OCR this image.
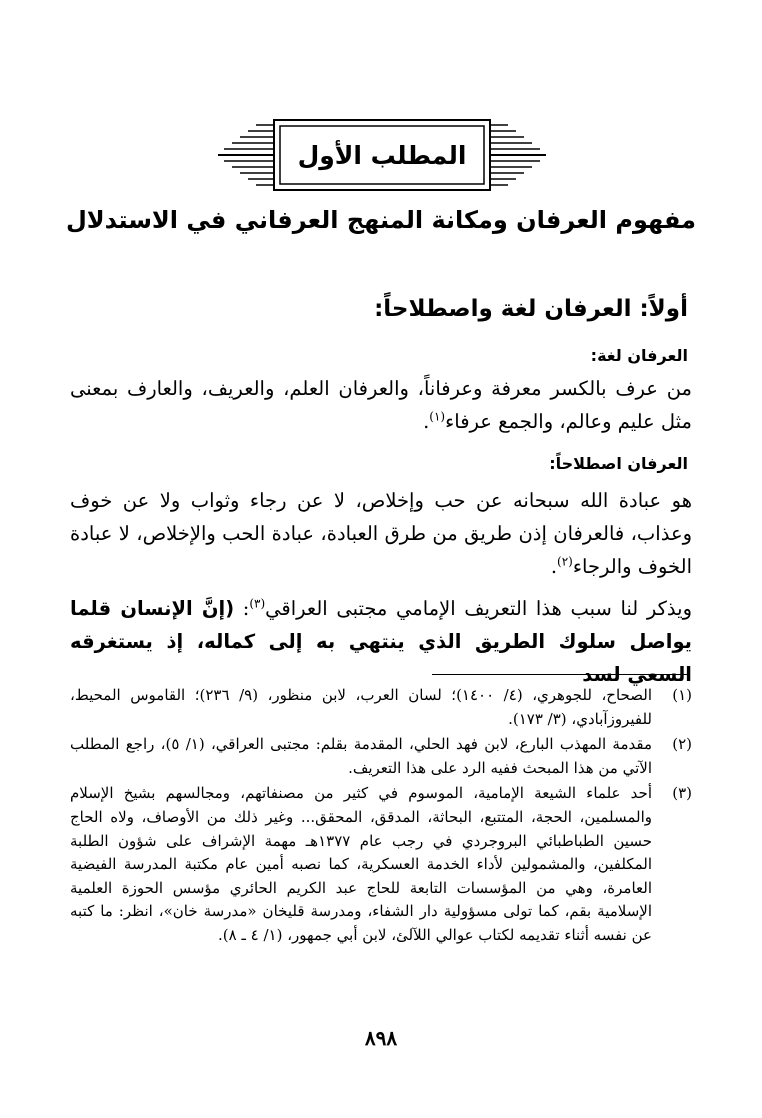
المطلب الأول
مفهوم العرفان ومكانة المنهج العرفاني في الاستدلال
أولاً: العرفان لغة واصطلاحاً:
العرفان لغة:
من عرف بالكسر معرفة وعرفاناً، والعرفان العلم، والعريف، والعارف بمعنى مثل عليم وعالم، والجمع عرفاء$^{(١)}$.
العرفان اصطلاحاً:
هو عبادة الله سبحانه عن حب وإخلاص، لا عن رجاء وثواب ولا عن خوف وعذاب، فالعرفان إذن طريق من طرق العبادة، عبادة الحب والإخلاص، لا عبادة الخوف والرجاء$^{(٢)}$.
ويذكر لنا سبب هذا التعريف الإمامي مجتبى العراقي$^{(٣)}$: (إنَّ الإنسان قلما يواصل سلوك الطريق الذي ينتهي به إلى كماله، إذ يستغرقه السعي لسد
(١)
الصحاح، للجوهري، (٤/ ١٤٠٠)؛ لسان العرب، لابن منظور، (٩/ ٢٣٦)؛ القاموس المحيط، للفيروزآبادي، (٣/ ١٧٣).
(٢)
مقدمة المهذب البارع، لابن فهد الحلي، المقدمة بقلم: مجتبى العراقي، (١/ ٥)، راجع المطلب الآتي من هذا المبحث ففيه الرد على هذا التعريف.
(٣)
أحد علماء الشيعة الإمامية، الموسوم في كثير من مصنفاتهم، ومجالسهم بشيخ الإسلام والمسلمين، الحجة، المتتبع، البحاثة، المدقق، المحقق... وغير ذلك من الأوصاف، ولاه الحاج حسين الطباطبائي البروجردي في رجب عام ١٣٧٧هـ مهمة الإشراف على شؤون الطلبة المكلفين، والمشمولين لأداء الخدمة العسكرية، كما نصبه أمين عام مكتبة المدرسة الفيضية العامرة، وهي من المؤسسات التابعة للحاج عبد الكريم الحائري مؤسس الحوزة العلمية الإسلامية بقم، كما تولى مسؤولية دار الشفاء، ومدرسة قليخان «مدرسة خان»، انظر: ما كتبه عن نفسه أثناء تقديمه لكتاب عوالي اللآلئ، لابن أبي جمهور، (١/ ٤ ـ ٨).
٨٩٨
